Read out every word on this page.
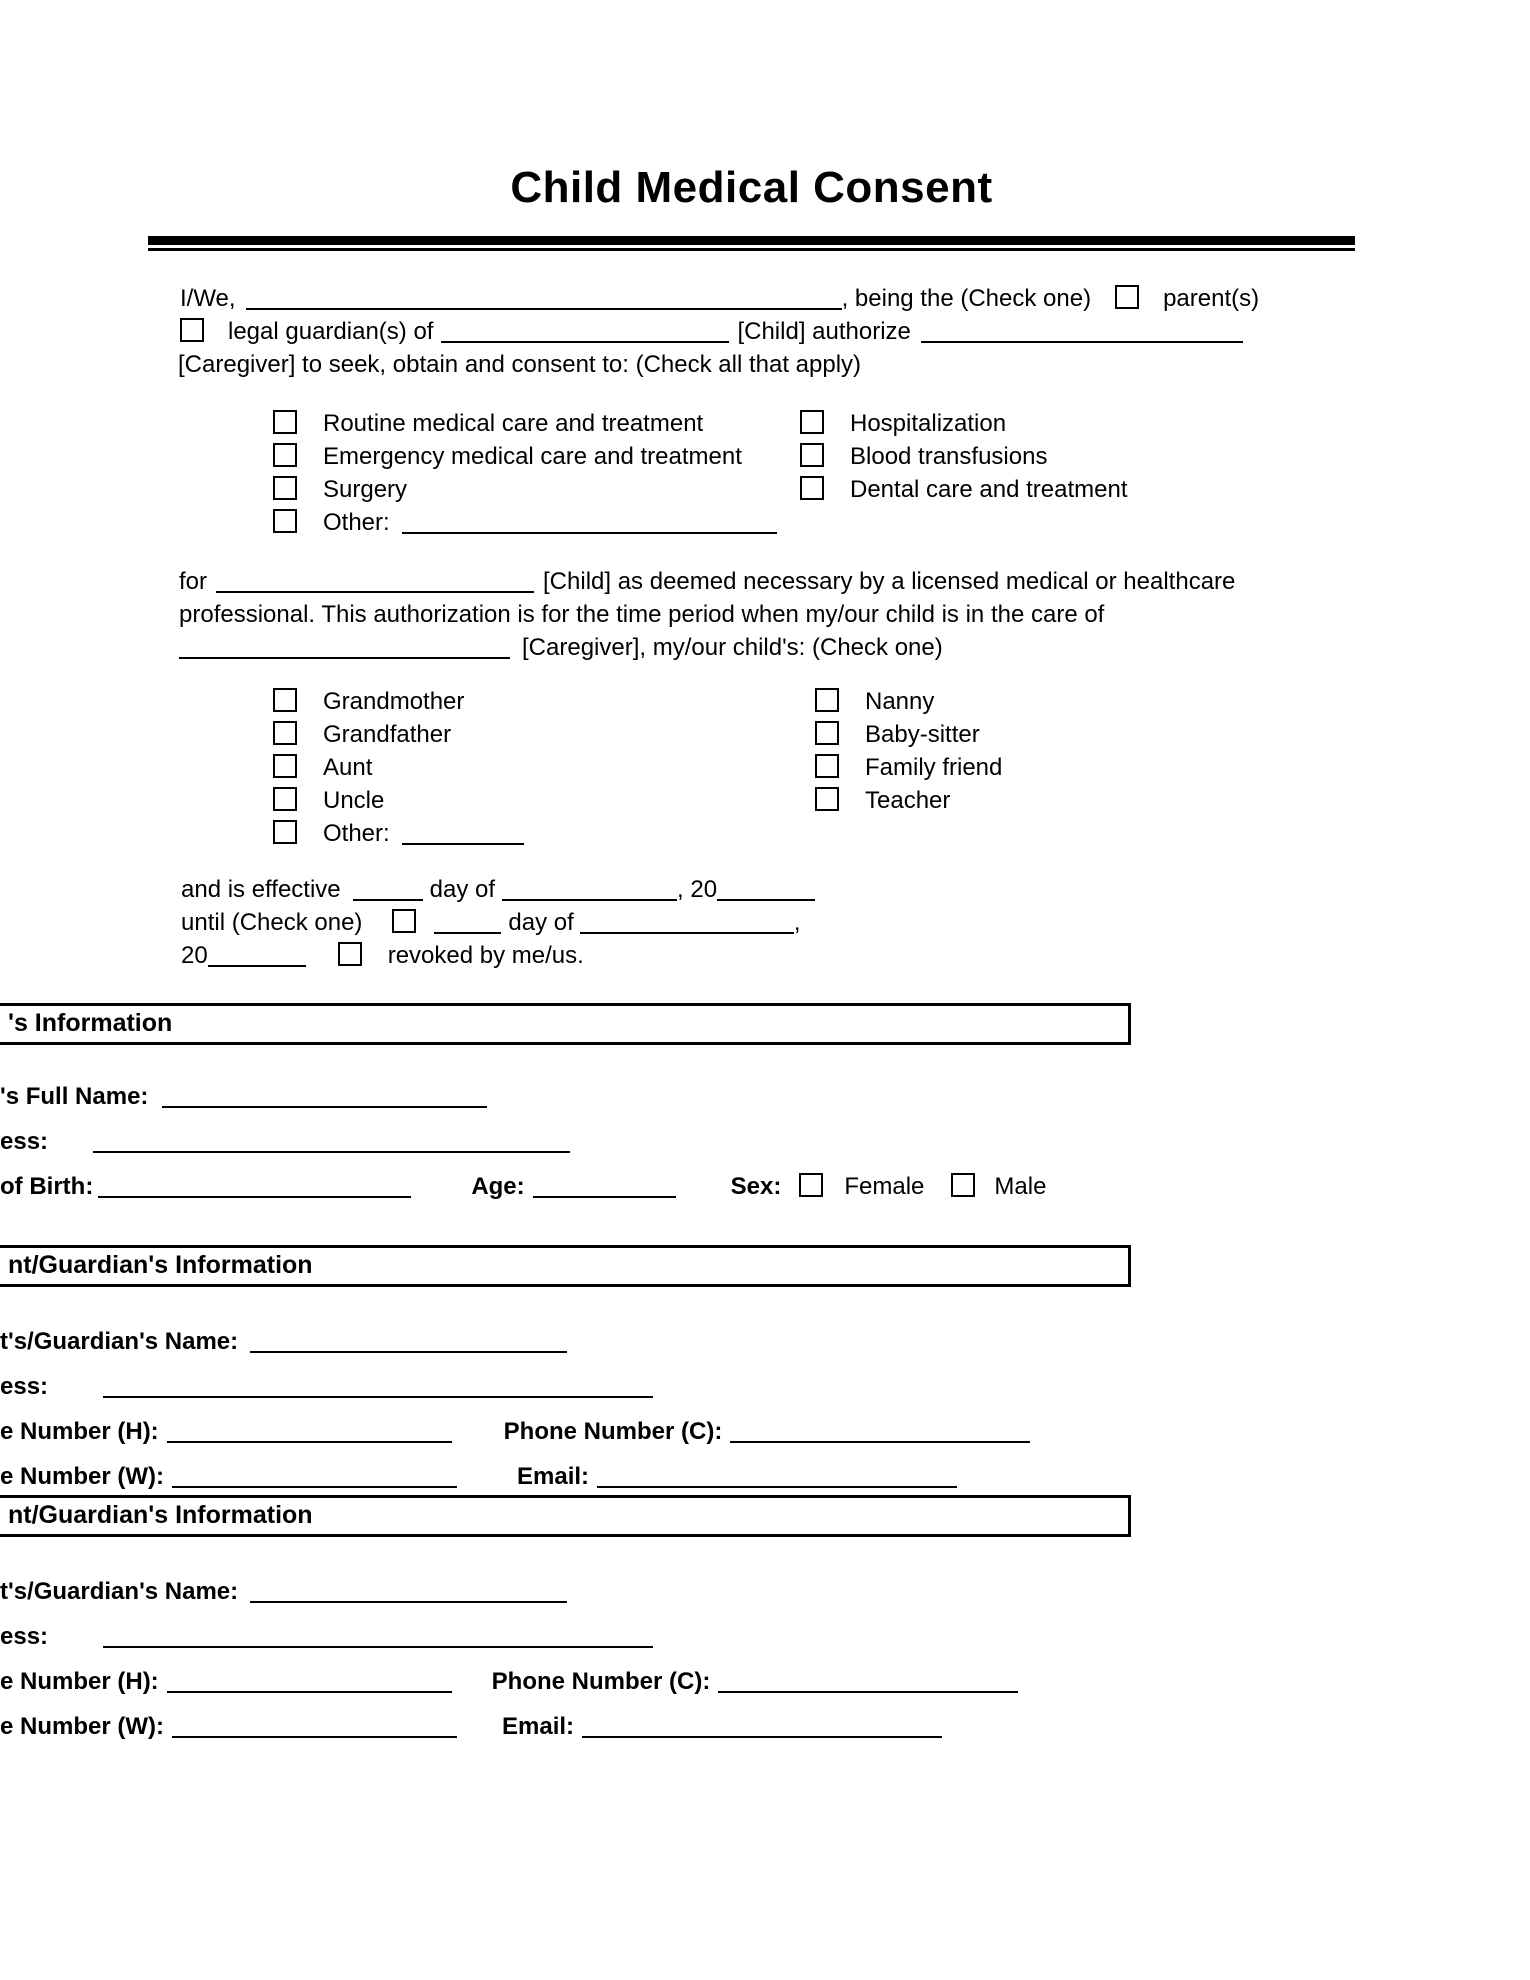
Child Medical Consent
I/We,	, being the (Check one)	parent(s)
legal guardian(s) of	[Child] authorize
[Caregiver] to seek, obtain and consent to: (Check all that apply)
Routine medical care and treatment
Emergency medical care and treatment
Surgery
Other:
Hospitalization
Blood transfusions
Dental care and treatment
for	[Child] as deemed necessary by a licensed medical or healthcare
professional. This authorization is for the time period when my/our child is in the care of
[Caregiver], my/our child's: (Check one)
Grandmother
Grandfather
Aunt
Uncle
Other:
Nanny
Baby-sitter
Family friend
Teacher
and is effective	day of	, 20
until (Check one)	day of	,
20	revoked by me/us.
's Information
's Full Name:
ess:
of Birth:	Age:	Sex:	Female	Male
nt/Guardian's Information
t's/Guardian's Name:
ess:
e Number (H):	Phone Number (C):
e Number (W):	Email:
nt/Guardian's Information
t's/Guardian's Name:
ess:
e Number (H):	Phone Number (C):
e Number (W):	Email:
